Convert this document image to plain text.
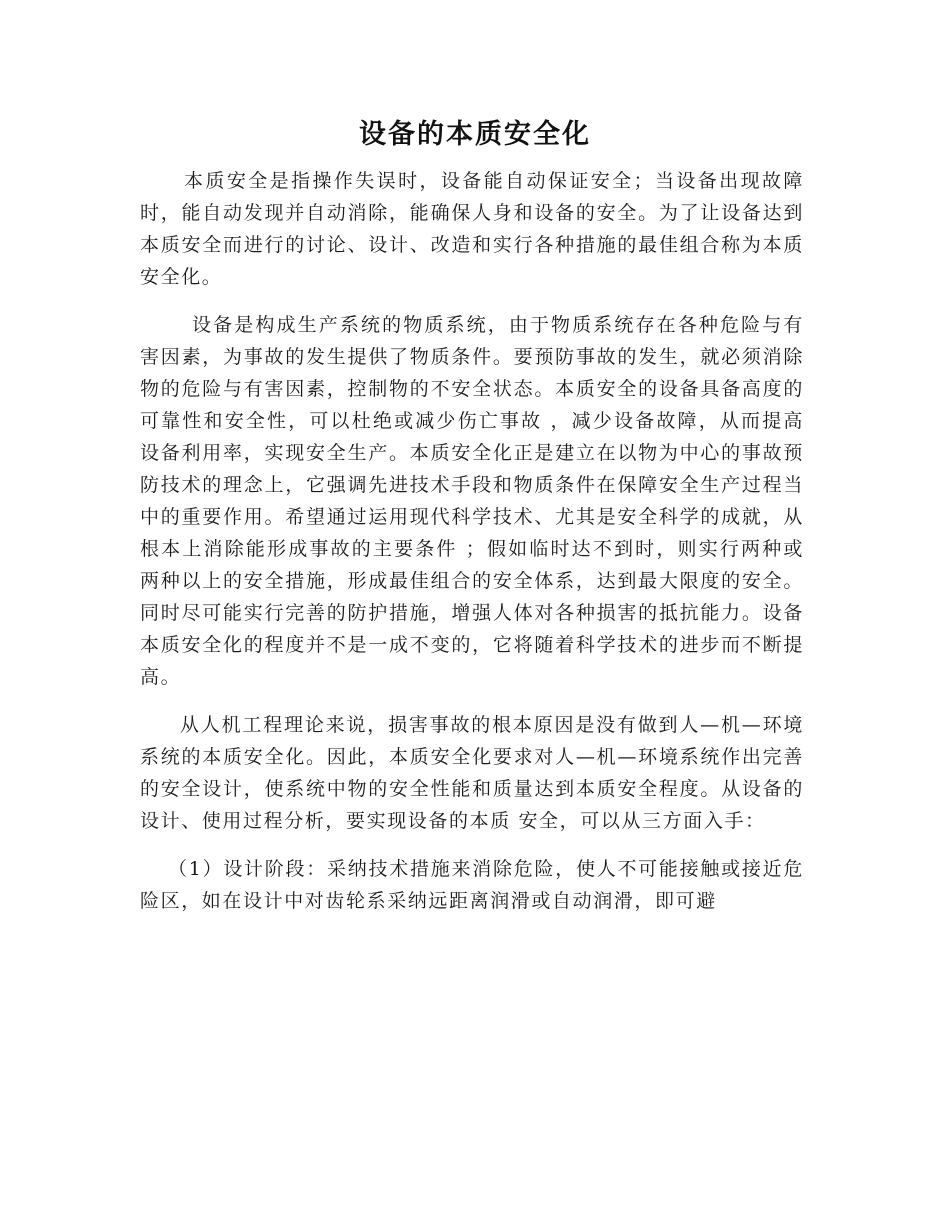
设备的本质安全化

本质安全是指操作失误时，设备能自动保证安全；当设备出现故障时，能自动发现并自动消除，能确保人身和设备的安全。为了让设备达到本质安全而进行的讨论、设计、改造和实行各种措施的最佳组合称为本质安全化。

设备是构成生产系统的物质系统，由于物质系统存在各种危险与有害因素，为事故的发生提供了物质条件。要预防事故的发生，就必须消除物的危险与有害因素，控制物的不安全状态。本质安全的设备具备高度的可靠性和安全性，可以杜绝或减少伤亡事故 ，减少设备故障，从而提高设备利用率，实现安全生产。本质安全化正是建立在以物为中心的事故预防技术的理念上，它强调先进技术手段和物质条件在保障安全生产过程当中的重要作用。希望通过运用现代科学技术、尤其是安全科学的成就，从根本上消除能形成事故的主要条件 ；假如临时达不到时，则实行两种或两种以上的安全措施，形成最佳组合的安全体系，达到最大限度的安全。同时尽可能实行完善的防护措施，增强人体对各种损害的抵抗能力。设备本质安全化的程度并不是一成不变的，它将随着科学技术的进步而不断提高。

从人机工程理论来说，损害事故的根本原因是没有做到人—机—环境系统的本质安全化。因此，本质安全化要求对人—机—环境系统作出完善的安全设计，使系统中物的安全性能和质量达到本质安全程度。从设备的设计、使用过程分析，要实现设备的本质 安全，可以从三方面入手：

（1）设计阶段：采纳技术措施来消除危险，使人不可能接触或接近危险区，如在设计中对齿轮系采纳远距离润滑或自动润滑，即可避
